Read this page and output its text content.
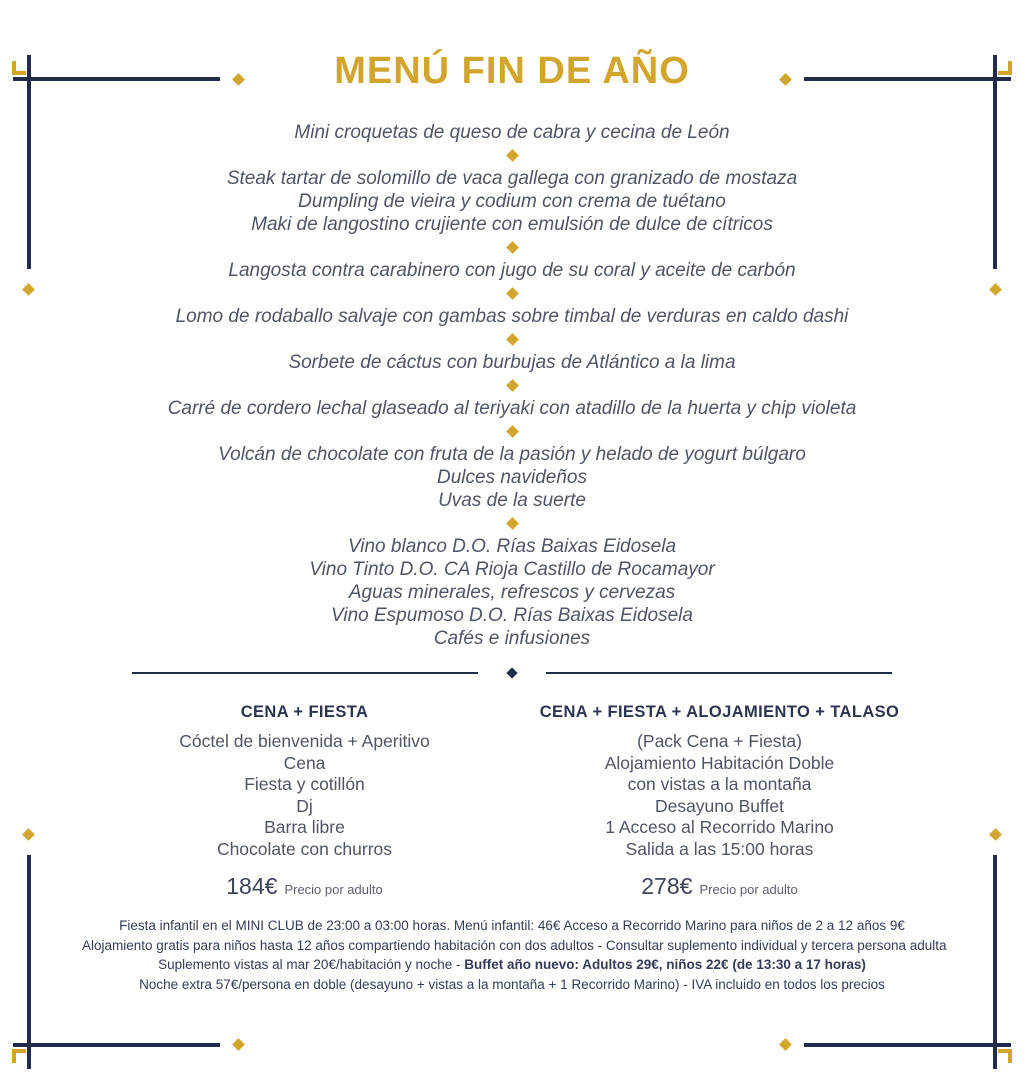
MENÚ FIN DE AÑO
Mini croquetas de queso de cabra y cecina de León
Steak tartar de solomillo de vaca gallega con granizado de mostaza
Dumpling de vieira y codium con crema de tuétano
Maki de langostino crujiente con emulsión de dulce de cítricos
Langosta contra carabinero con jugo de su coral y aceite de carbón
Lomo de rodaballo salvaje con gambas sobre timbal de verduras en caldo dashi
Sorbete de cáctus con burbujas de Atlántico a la lima
Carré de cordero lechal glaseado al teriyaki con atadillo de la huerta y chip violeta
Volcán de chocolate con fruta de la pasión y helado de yogurt búlgaro
Dulces navideños
Uvas de la suerte
Vino blanco D.O. Rías Baixas Eidosela
Vino Tinto D.O. CA Rioja Castillo de Rocamayor
Aguas minerales, refrescos y cervezas
Vino Espumoso D.O. Rías Baixas Eidosela
Cafés e infusiones
CENA + FIESTA
Cóctel de bienvenida + Aperitivo
Cena
Fiesta y cotillón
Dj
Barra libre
Chocolate con churros
184€ Precio por adulto
CENA + FIESTA + ALOJAMIENTO + TALASO
(Pack Cena + Fiesta)
Alojamiento Habitación Doble
con vistas a la montaña
Desayuno Buffet
1 Acceso al Recorrido Marino
Salida a las 15:00 horas
278€ Precio por adulto
Fiesta infantil en el MINI CLUB de 23:00 a 03:00 horas. Menú infantil: 46€ Acceso a Recorrido Marino para niños de 2 a 12 años 9€
Alojamiento gratis para niños hasta 12 años compartiendo habitación con dos adultos - Consultar suplemento individual y tercera persona adulta
Suplemento vistas al mar 20€/habitación y noche - Buffet año nuevo: Adultos 29€, niños 22€ (de 13:30 a 17 horas)
Noche extra 57€/persona en doble (desayuno + vistas a la montaña + 1 Recorrido Marino) - IVA incluido en todos los precios
